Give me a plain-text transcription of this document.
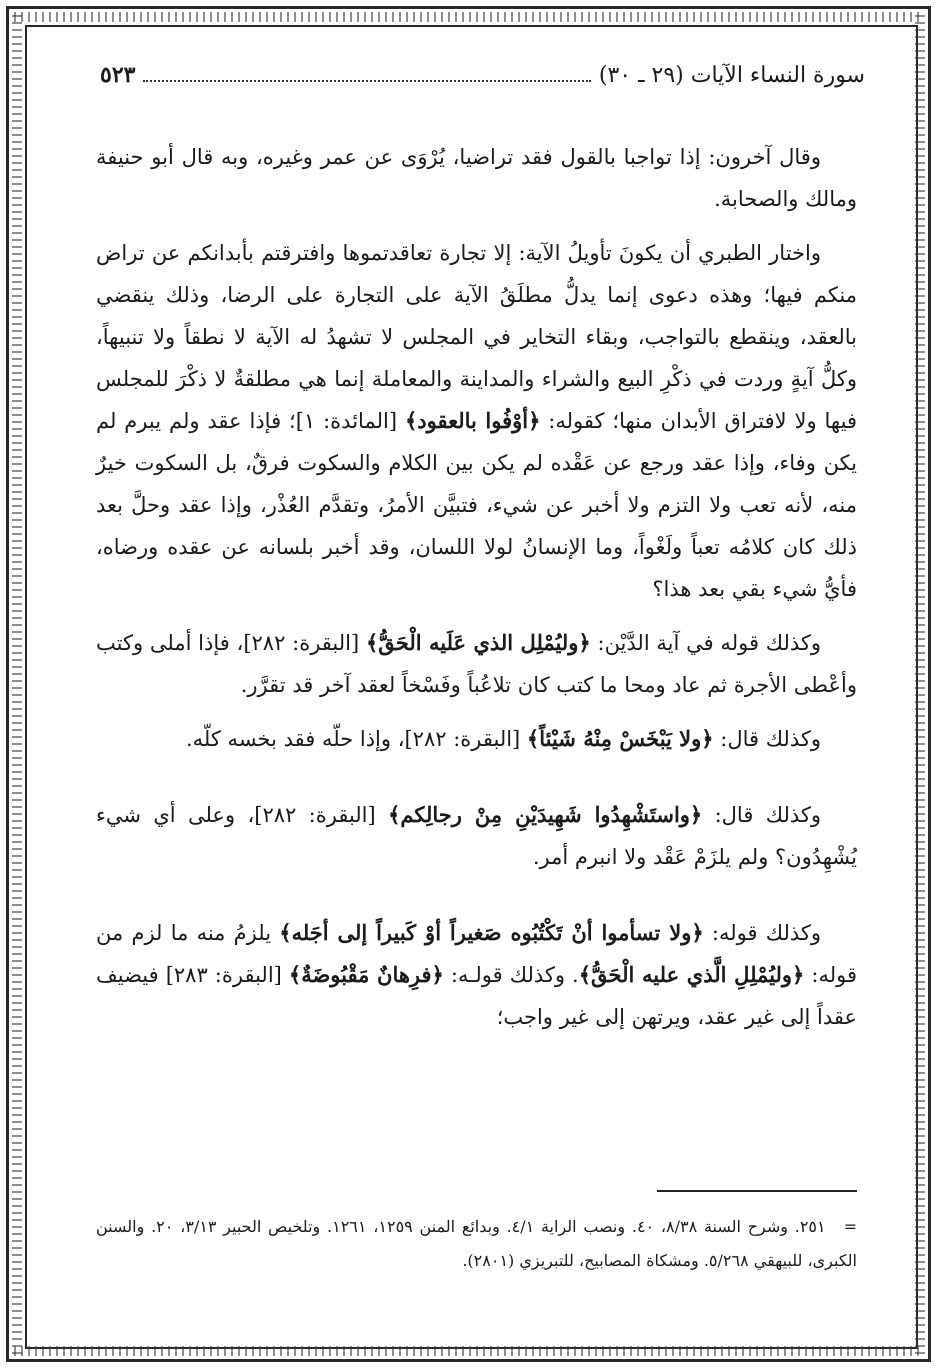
سورة النساء الآيات (٢٩ ـ ٣٠)
٥٢٣

وقال آخرون: إذا تواجبا بالقول فقد تراضيا، يُرْوَى عن عمر وغيره، وبه قال أبو حنيفة ومالك والصحابة.

واختار الطبري أن يكونَ تأويلُ الآية: إلا تجارة تعاقدتموها وافترقتم بأبدانكم عن تراض منكم فيها؛ وهذه دعوى إنما يدلُّ مطلَقُ الآية على التجارة على الرضا، وذلك ينقضي بالعقد، وينقطع بالتواجب، وبقاء التخاير في المجلس لا تشهدُ له الآية لا نطقاً ولا تنبيهاً، وكلُّ آيةٍ وردت في ذكْرِ البيع والشراء والمداينة والمعاملة إنما هي مطلقةٌ لا ذكْرَ للمجلس فيها ولا لافتراق الأبدان منها؛ كقوله: ﴿أوْفُوا بالعقود﴾ [المائدة: ١]؛ فإذا عقد ولم يبرم لم يكن وفاء، وإذا عقد ورجع عن عَقْده لم يكن بين الكلام والسكوت فرقٌ، بل السكوت خيرٌ منه، لأنه تعب ولا التزم ولا أخبر عن شيء، فتبيَّن الأمرُ، وتقدَّم العُذْر، وإذا عقد وحلَّ بعد ذلك كان كلامُه تعباً ولَغْواً، وما الإنسانُ لولا اللسان، وقد أخبر بلسانه عن عقده ورضاه، فأيُّ شيء بقي بعد هذا؟

وكذلك قوله في آية الدَّيْن: ﴿وليُمْلِل الذي عَلَيه الْحَقُّ﴾ [البقرة: ٢٨٢]، فإذا أملى وكتب وأعْطى الأجرة ثم عاد ومحا ما كتب كان تلاعُباً وفَسْخاً لعقد آخر قد تقرَّر.

وكذلك قال: ﴿ولا يَبْخَسْ مِنْهُ شَيْئاً﴾ [البقرة: ٢٨٢]، وإذا حلّه فقد بخسه كلّه.

وكذلك قال: ﴿واستَشْهِدُوا شَهِيدَيْنِ مِنْ رجالِكم﴾ [البقرة: ٢٨٢]، وعلى أي شيء يُشْهِدُون؟ ولم يلزَمْ عَقْد ولا انبرم أمر.

وكذلك قوله: ﴿ولا تسأموا أنْ تَكْتُبُوه صَغيراً أوْ كَبيراً إلى أجَله﴾ يلزمُ منه ما لزم من قوله: ﴿وليُمْلِلِ الَّذي عليه الْحَقُّ﴾. وكذلك قولـه: ﴿فرِهانٌ مَقْبُوضَةٌ﴾ [البقرة: ٢٨٣] فيضيف عقداً إلى غير عقد، ويرتهن إلى غير واجب؛

=٢٥١. وشرح السنة ٨/٣٨، ٤٠. ونصب الراية ٤/١. وبدائع المنن ١٢٥٩، ١٢٦١. وتلخيص الحبير ٣/١٣، ٢٠. والسنن الكبرى، للبيهقي ٥/٢٦٨. ومشكاة المصابيح، للتبريزي (٢٨٠١).
